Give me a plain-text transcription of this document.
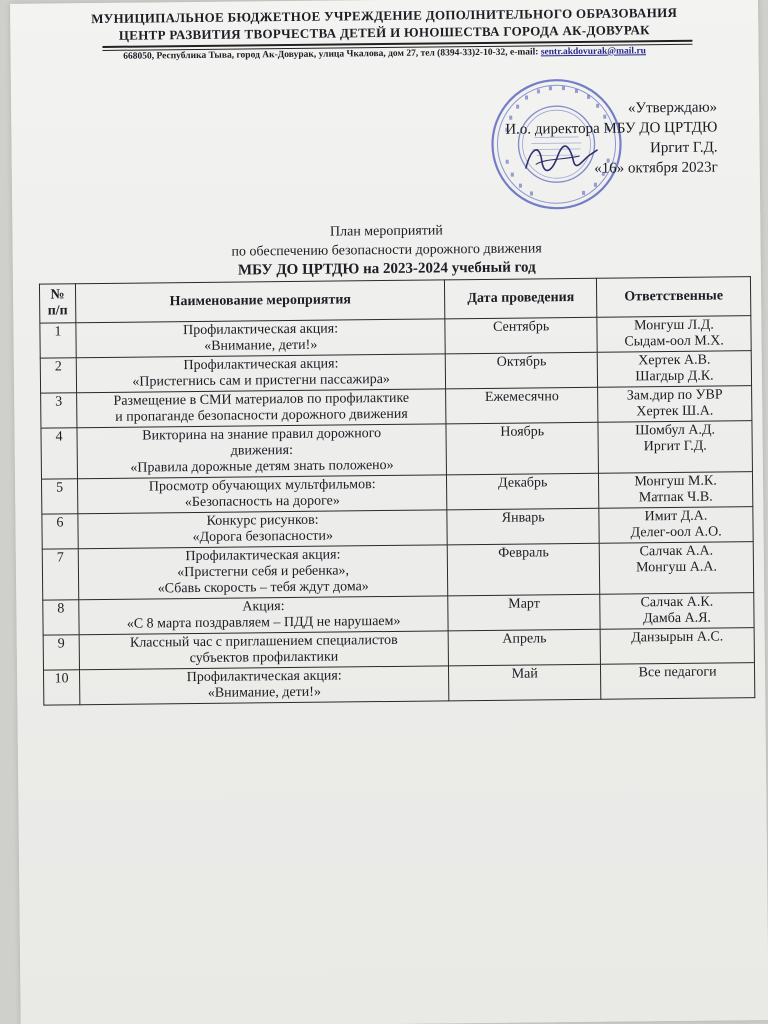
МУНИЦИПАЛЬНОЕ БЮДЖЕТНОЕ УЧРЕЖДЕНИЕ ДОПОЛНИТЕЛЬНОГО ОБРАЗОВАНИЯ
ЦЕНТР РАЗВИТИЯ ТВОРЧЕСТВА ДЕТЕЙ И ЮНОШЕСТВА ГОРОДА АК-ДОВУРАК
668050, Республика Тыва, город Ак-Довурак, улица Чкалова, дом 27, тел (8394-33)2-10-32, e-mail: sentr.akdovurak@mail.ru
«Утверждаю»
И.о. директора МБУ ДО ЦРТДЮ
Иргит Г.Д.
«16» октября 2023г
План мероприятий
по обеспечению безопасности дорожного движения
МБУ ДО ЦРТДЮ на 2023-2024 учебный год
№ п/п	Наименование мероприятия	Дата проведения	Ответственные
1	Профилактическая акция:
«Внимание, дети!»	Сентябрь	Монгуш Л.Д.
Сыдам-оол М.Х.

2	Профилактическая акция:
«Пристегнись сам и пристегни пассажира»	Октябрь	Хертек А.В.
Шагдыр Д.К.

3	Размещение в СМИ материалов по профилактике
и пропаганде безопасности дорожного движения	Ежемесячно	Зам.дир по УВР
Хертек Ш.А.

4	Викторина на знание правил дорожного
движения:
«Правила дорожные детям знать положено»	Ноябрь	Шомбул А.Д.
Иргит Г.Д.

5	Просмотр обучающих мультфильмов:
«Безопасность на дороге»	Декабрь	Монгуш М.К.
Матпак Ч.В.

6	Конкурс рисунков:
«Дорога безопасности»	Январь	Имит Д.А.
Делег-оол А.О.

7	Профилактическая акция:
«Пристегни себя и ребенка»,
«Сбавь скорость – тебя ждут дома»	Февраль	Салчак А.А.
Монгуш А.А.

8	Акция:
«С 8 марта поздравляем – ПДД не нарушаем»	Март	Салчак А.К.
Дамба А.Я.

9	Классный час с приглашением специалистов
субъектов профилактики	Апрель	Данзырын А.С.

10	Профилактическая акция:
«Внимание, дети!»	Май	Все педагоги
